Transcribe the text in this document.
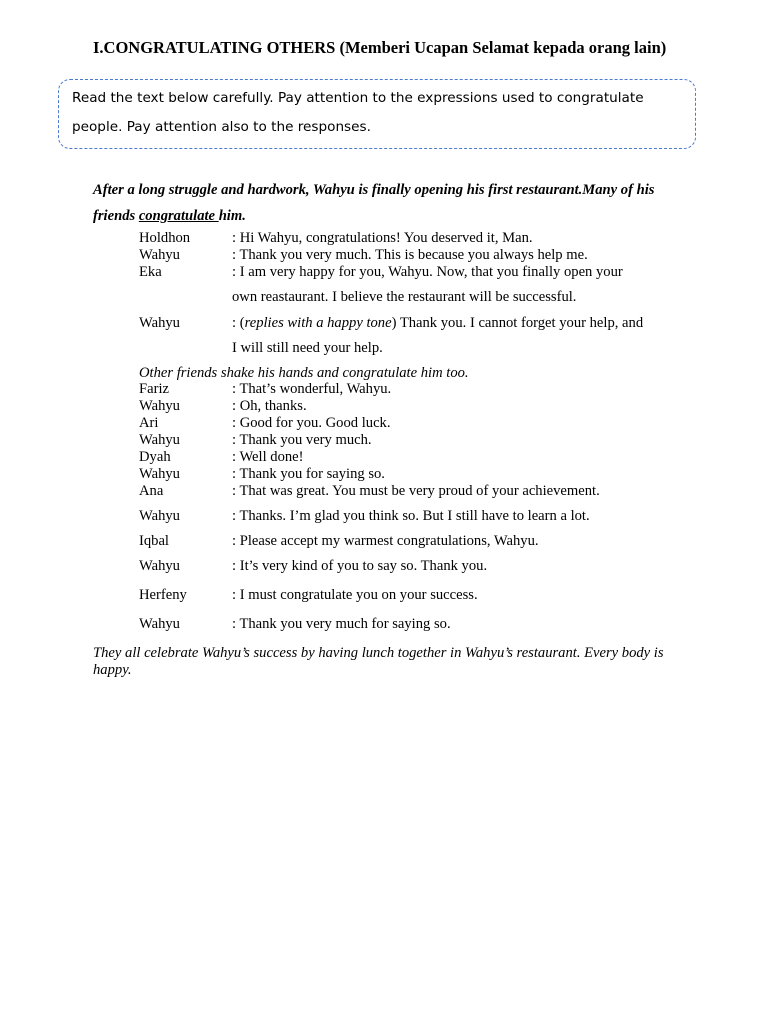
I.CONGRATULATING OTHERS (Memberi Ucapan Selamat kepada orang lain)
Read the text below carefully. Pay attention to the expressions used to congratulate
people. Pay attention also to the responses.
After a long struggle and hardwork, Wahyu is finally opening his first restaurant.Many of his friends congratulate him.
Holdhon	: Hi Wahyu, congratulations! You deserved it, Man.
Wahyu	: Thank you very much. This is because you always help me.
Eka	: I am very happy for you, Wahyu. Now, that you finally open your
own reastaurant. I believe the restaurant will be successful.
Wahyu	: (replies with a happy tone) Thank you. I cannot forget your help, and
I will still need your help.
Other friends shake his hands and congratulate him too.
Fariz	: That’s wonderful, Wahyu.
Wahyu	: Oh, thanks.
Ari	: Good for you. Good luck.
Wahyu	: Thank you very much.
Dyah	: Well done!
Wahyu	: Thank you for saying so.
Ana	: That was great. You must be very proud of your achievement.
Wahyu	: Thanks. I’m glad you think so. But I still have to learn a lot.
Iqbal	: Please accept my warmest congratulations, Wahyu.
Wahyu	: It’s very kind of you to say so. Thank you.
Herfeny	: I must congratulate you on your success.
Wahyu	: Thank you very much for saying so.
They all celebrate Wahyu’s success by having lunch together in Wahyu’s restaurant. Every body is happy.
